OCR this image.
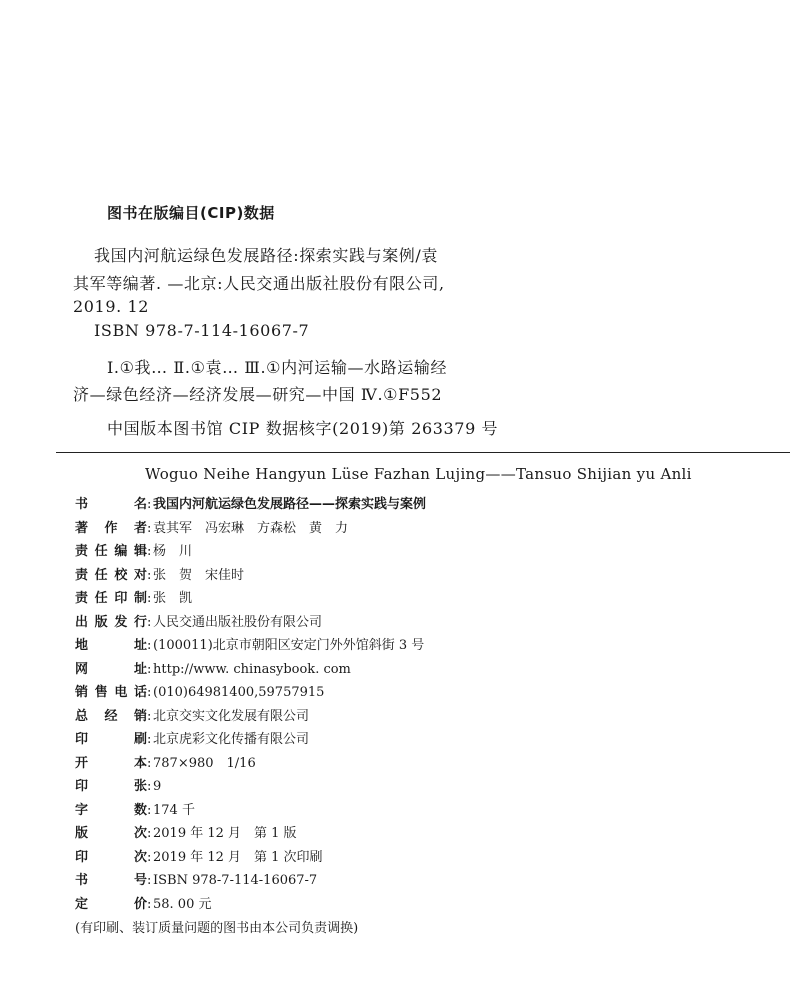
图书在版编目(CIP)数据
我国内河航运绿色发展路径:探索实践与案例/袁
其军等编著. —北京:人民交通出版社股份有限公司,
2019. 12
ISBN 978-7-114-16067-7
Ⅰ.①我… Ⅱ.①袁… Ⅲ.①内河运输—水路运输经
济—绿色经济—经济发展—研究—中国 Ⅳ.①F552
中国版本图书馆 CIP 数据核字(2019)第 263379 号
Woguo Neihe Hangyun Lüse Fazhan Lujing——Tansuo Shijian yu Anli
书名: 我国内河航运绿色发展路径——探索实践与案例
著作者: 袁其军　冯宏琳　方森松　黄　力
责任编辑: 杨　川
责任校对: 张　贺　宋佳时
责任印制: 张　凯
出版发行: 人民交通出版社股份有限公司
地址: (100011)北京市朝阳区安定门外外馆斜街 3 号
网址: http://www. chinasybook. com
销售电话: (010)64981400,59757915
总经销: 北京交实文化发展有限公司
印刷: 北京虎彩文化传播有限公司
开本: 787×980　1/16
印张: 9
字数: 174 千
版次: 2019 年 12 月　第 1 版
印次: 2019 年 12 月　第 1 次印刷
书号: ISBN 978-7-114-16067-7
定价: 58. 00 元
(有印刷、装订质量问题的图书由本公司负责调换)
